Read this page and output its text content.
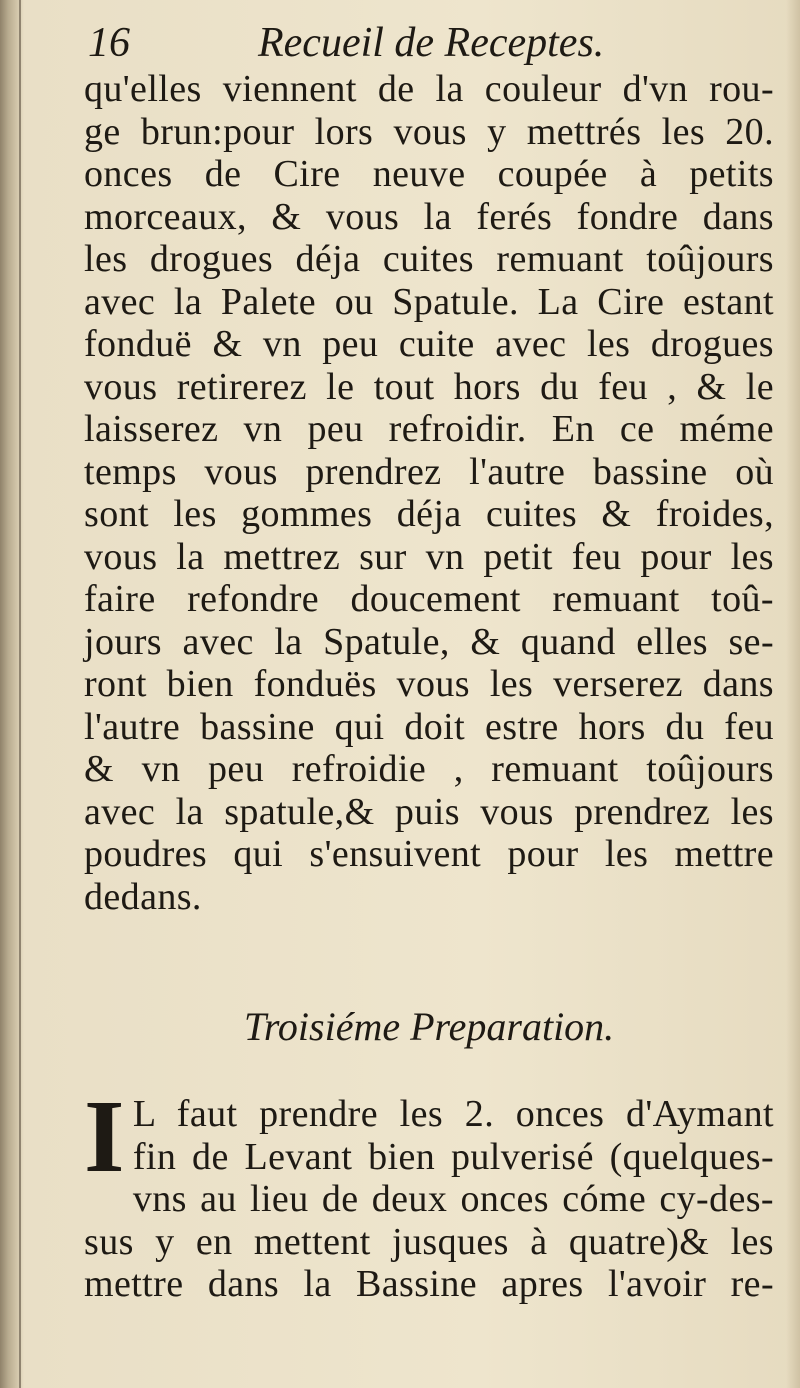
16	Recueil de Receptes.
qu'elles viennent de la couleur d'vn rou-
ge brun:pour lors vous y mettrés les 20.
onces de Cire neuve coupée à petits
morceaux, & vous la ferés fondre dans
les drogues déja cuites remuant toûjours
avec la Palete ou Spatule. La Cire estant
fonduë & vn peu cuite avec les drogues
vous retirerez le tout hors du feu , & le
laisserez vn peu refroidir. En ce méme
temps vous prendrez l'autre bassine où
sont les gommes déja cuites & froides,
vous la mettrez sur vn petit feu pour les
faire refondre doucement remuant toû-
jours avec la Spatule, & quand elles se-
ront bien fonduës vous les verserez dans
l'autre bassine qui doit estre hors du feu
& vn peu refroidie , remuant toûjours
avec la spatule,& puis vous prendrez les
poudres qui s'ensuivent pour les mettre
dedans.
Troisiéme Preparation.
I L faut prendre les 2. onces d'Aymant
fin de Levant bien pulverisé (quelques-
vns au lieu de deux onces cóme cy-des-
sus y en mettent jusques à quatre)& les
mettre dans la Bassine apres l'avoir re-
